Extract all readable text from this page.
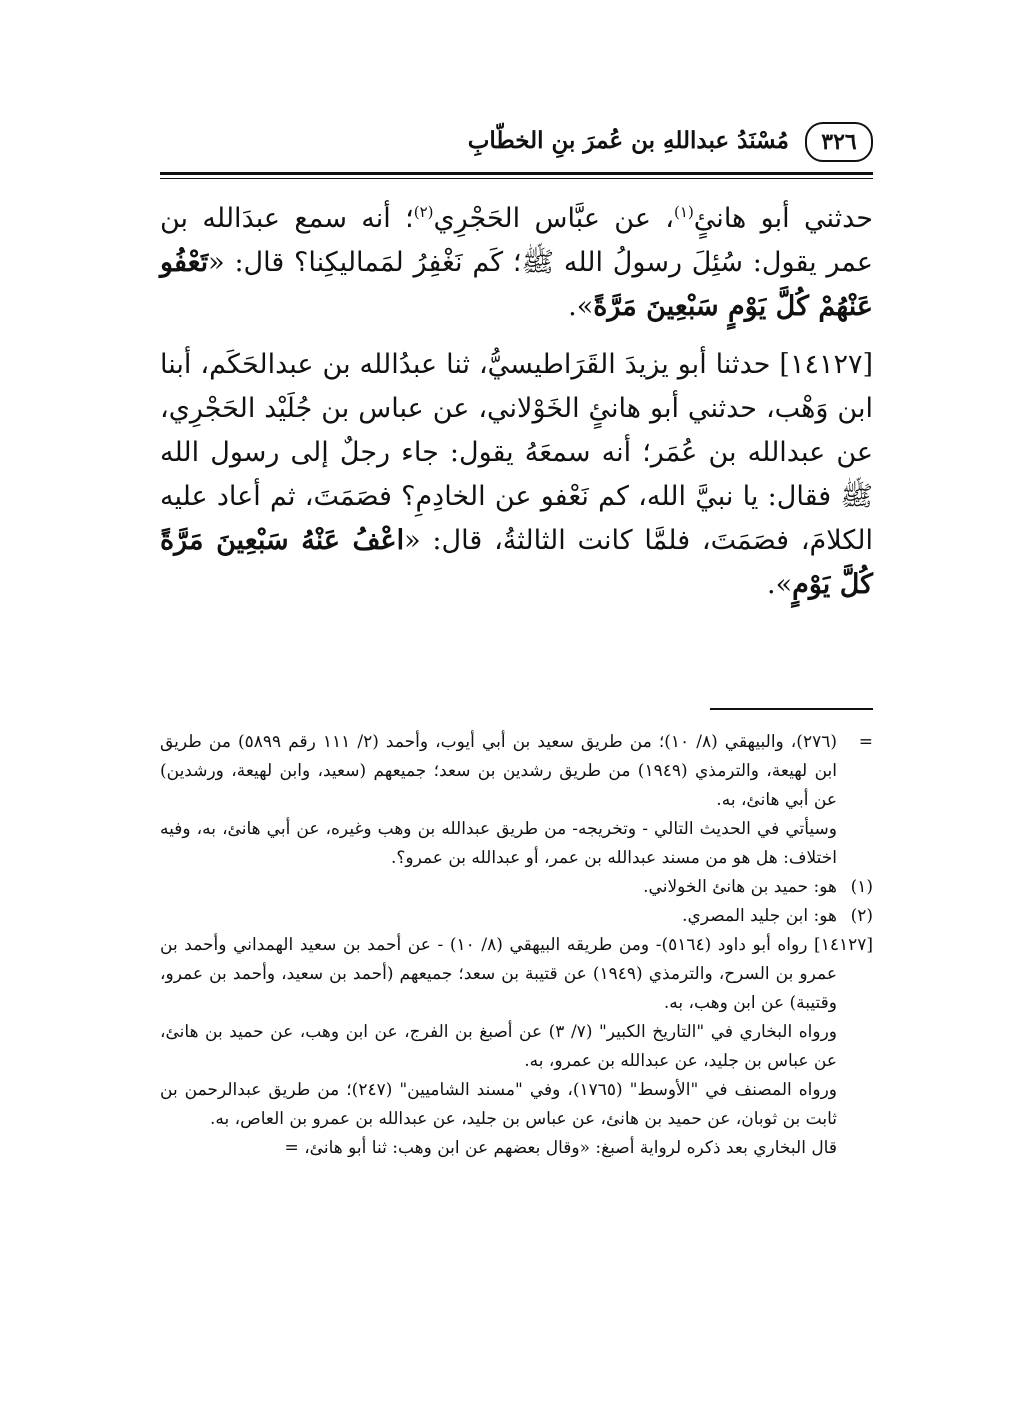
٣٢٦
مُسْنَدُ عبداللهِ بن عُمرَ بنِ الخطّابِ

حدثني أبو هانئٍ$^{(١)}$، عن عبَّاس الحَجْرِي$^{(٢)}$؛ أنه سمع عبدَالله بن عمر يقول: سُئِلَ رسولُ الله ﷺ؛ كَم نَغْفِرُ لمَماليكِنا؟ قال: «تَعْفُو عَنْهُمْ كُلَّ يَوْمٍ سَبْعِينَ مَرَّةً».

[١٤١٢٧] حدثنا أبو يزيدَ القَرَاطيسيُّ، ثنا عبدُالله بن عبدالحَكَم، أبنا ابن وَهْب، حدثني أبو هانئٍ الخَوْلاني، عن عباس بن جُلَيْد الحَجْرِي، عن عبدالله بن عُمَر؛ أنه سمعَهُ يقول: جاء رجلٌ إلى رسول الله ﷺ فقال: يا نبيَّ الله، كم نَعْفو عن الخادِمِ؟ فصَمَتَ، ثم أعاد عليه الكلامَ، فصَمَتَ، فلمَّا كانت الثالثةُ، قال: «اعْفُ عَنْهُ سَبْعِينَ مَرَّةً كُلَّ يَوْمٍ».

=

(٢٧٦)، والبيهقي (٨/ ١٠)؛ من طريق سعيد بن أبي أيوب، وأحمد (٢/ ١١١ رقم ٥٨٩٩) من طريق ابن لهيعة، والترمذي (١٩٤٩) من طريق رشدين بن سعد؛ جميعهم (سعيد، وابن لهيعة، ورشدين) عن أبي هانئ، به.

وسيأتي في الحديث التالي - وتخريجه- من طريق عبدالله بن وهب وغيره، عن أبي هانئ، به، وفيه اختلاف: هل هو من مسند عبدالله بن عمر، أو عبدالله بن عمرو؟.

(١)

هو: حميد بن هانئ الخولاني.

(٢)

هو: ابن جليد المصري.

[١٤١٢٧] رواه أبو داود (٥١٦٤)- ومن طريقه البيهقي (٨/ ١٠) - عن أحمد بن سعيد الهمداني وأحمد بن عمرو بن السرح، والترمذي (١٩٤٩) عن قتيبة بن سعد؛ جميعهم (أحمد بن سعيد، وأحمد بن عمرو، وقتيبة) عن ابن وهب، به.

ورواه البخاري في "التاريخ الكبير" (٧/ ٣) عن أصبغ بن الفرج، عن ابن وهب، عن حميد بن هانئ، عن عباس بن جليد، عن عبدالله بن عمرو، به.

ورواه المصنف في "الأوسط" (١٧٦٥)، وفي "مسند الشاميين" (٢٤٧)؛ من طريق عبدالرحمن بن ثابت بن ثوبان، عن حميد بن هانئ، عن عباس بن جليد، عن عبدالله بن عمرو بن العاص، به.

قال البخاري بعد ذكره لرواية أصبغ: «وقال بعضهم عن ابن وهب: ثنا أبو هانئ، =
